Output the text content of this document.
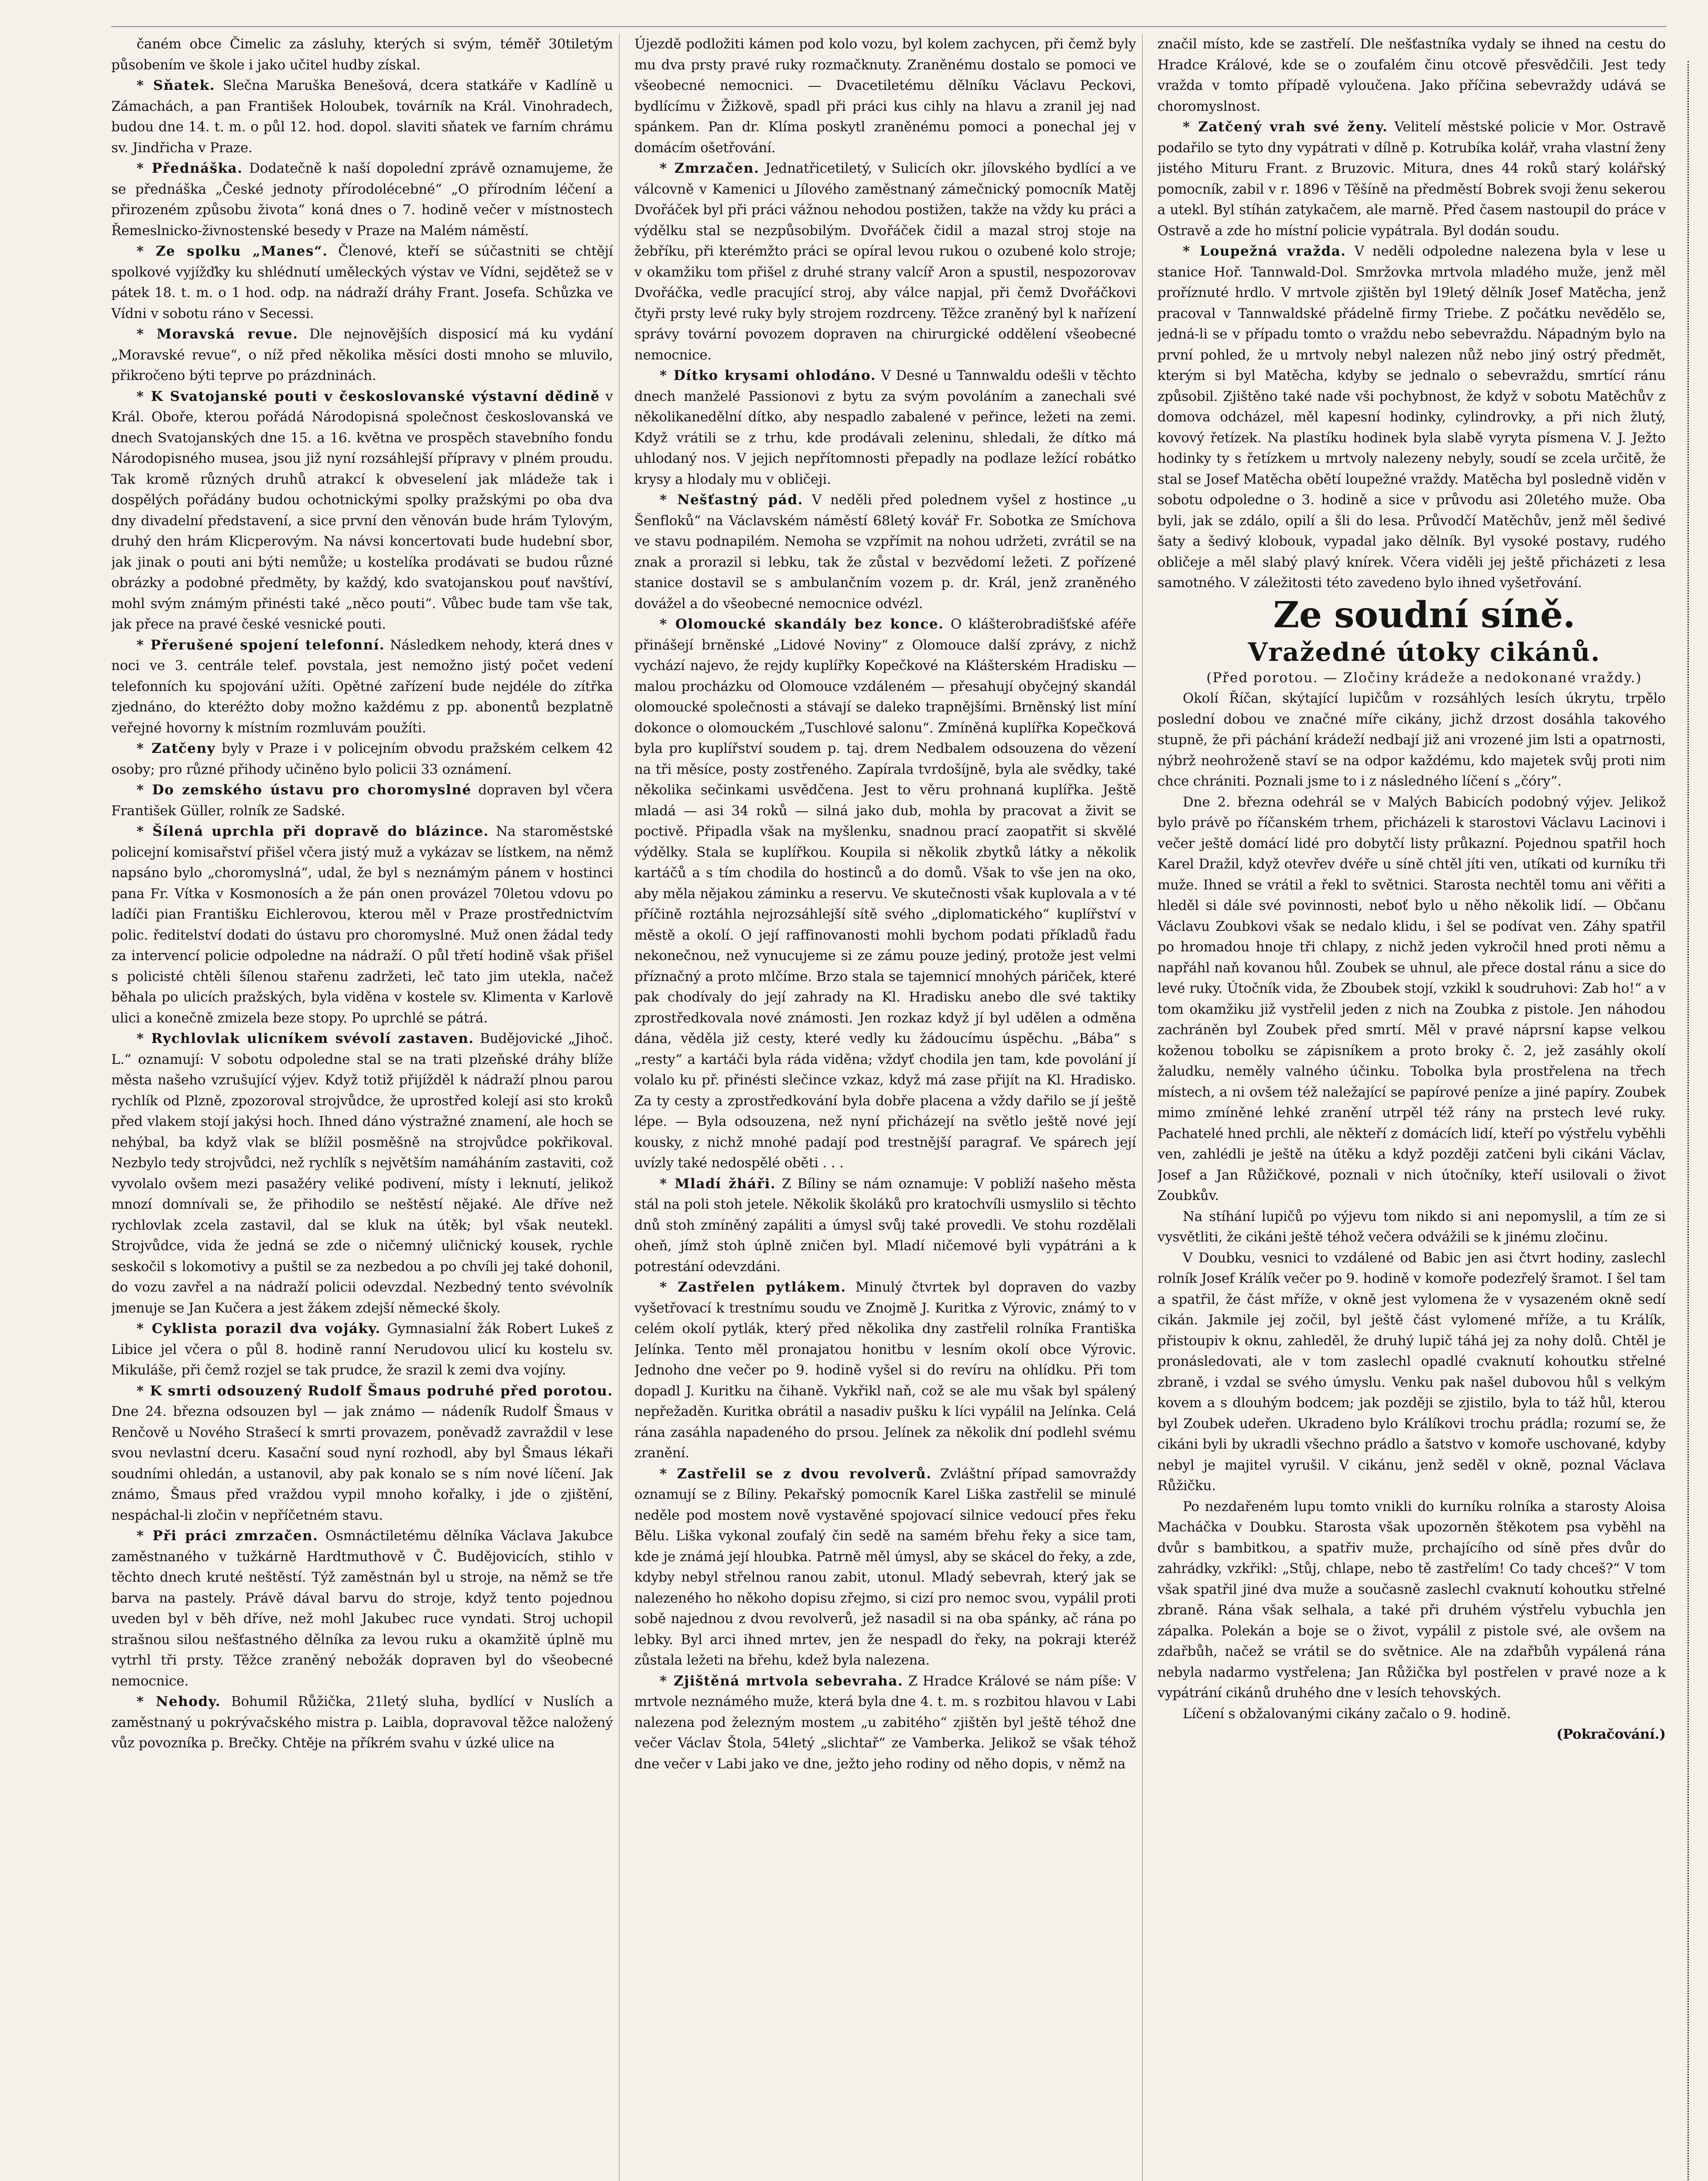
čaném obce Čimelic za zásluhy, kterých si svým, téměř 30tiletým působením ve škole i jako učitel hudby získal.

* Sňatek. Slečna Maruška Benešová, dcera statkáře v Kadlíně u Zámachách, a pan František Holoubek, továrník na Král. Vinohradech, budou dne 14. t. m. o půl 12. hod. dopol. slaviti sňatek ve farním chrámu sv. Jindřicha v Praze.

* Přednáška. Dodatečně k naší dopolední zprávě oznamujeme, že se přednáška „České jednoty přírodolécebné“ „O přírodním léčení a přirozeném způsobu života“ koná dnes o 7. hodině večer v místnostech Řemeslnicko-živnostenské besedy v Praze na Malém náměstí.

* Ze spolku „Manes“. Členové, kteří se súčastniti se chtějí spolkové vyjížďky ku shlédnutí uměleckých výstav ve Vídni, sejdětež se v pátek 18. t. m. o 1 hod. odp. na nádraží dráhy Frant. Josefa. Schůzka ve Vídni v sobotu ráno v Secessi.

* Moravská revue. Dle nejnovějších disposicí má ku vydání „Moravské revue“, o níž před několika měsíci dosti mnoho se mluvilo, přikročeno býti teprve po prázdninách.

* K Svatojanské pouti v českoslovanské výstavní dědině v Král. Oboře, kterou pořádá Národopisná společnost českoslovanská ve dnech Svatojanských dne 15. a 16. května ve prospěch stavebního fondu Národopisného musea, jsou již nyní rozsáhlejší přípravy v plném proudu. Tak kromě různých druhů atrakcí k obveselení jak mládeže tak i dospělých pořádány budou ochotnickými spolky pražskými po oba dva dny divadelní představení, a sice první den věnován bude hrám Tylovým, druhý den hrám Klicperovým. Na návsi koncertovati bude hudební sbor, jak jinak o pouti ani býti nemůže; u kostelíka prodávati se budou různé obrázky a podobné předměty, by každý, kdo svatojanskou pouť navštíví, mohl svým známým přinésti také „něco pouti“. Vůbec bude tam vše tak, jak přece na pravé české vesnické pouti.

* Přerušené spojení telefonní. Následkem nehody, která dnes v noci ve 3. centrále telef. povstala, jest nemožno jistý počet vedení telefonních ku spojování užíti. Opětné zařízení bude nejdéle do zítřka zjednáno, do kteréžto doby možno každému z pp. abonentů bezplatně veřejné hovorny k místním rozmluvám použíti.

* Zatčeny byly v Praze i v policejním obvodu pražském celkem 42 osoby; pro různé přihody učiněno bylo policii 33 oznámení.

* Do zemského ústavu pro choromyslné dopraven byl včera František Güller, rolník ze Sadské.

* Šílená uprchla při dopravě do blázince. Na staroměstské policejní komisařství přišel včera jistý muž a vykázav se lístkem, na němž napsáno bylo „choromyslná“, udal, že byl s neznámým pánem v hostinci pana Fr. Vítka v Kosmonosích a že pán onen provázel 70letou vdovu po ladíči pian Františku Eichlerovou, kterou měl v Praze prostřednictvím polic. ředitelství dodati do ústavu pro choromyslné. Muž onen žádal tedy za intervencí policie odpoledne na nádraží. O půl třetí hodině však přišel s policisté chtěli šílenou stařenu zadržeti, leč tato jim utekla, načež běhala po ulicích pražských, byla viděna v kostele sv. Klimenta v Karlově ulici a konečně zmizela beze stopy. Po uprchlé se pátrá.

* Rychlovlak ulicníkem svévolí zastaven. Budějovické „Jihoč. L.“ oznamují: V sobotu odpoledne stal se na trati plzeňské dráhy blíže města našeho vzrušující výjev. Když totiž přijížděl k nádraží plnou parou rychlík od Plzně, zpozoroval strojvůdce, že uprostřed kolejí asi sto kroků před vlakem stojí jakýsi hoch. Ihned dáno výstražné znamení, ale hoch se nehýbal, ba když vlak se blížil posměšně na strojvůdce pokřikoval. Nezbylo tedy strojvůdci, než rychlík s největším namáháním zastaviti, což vyvolalo ovšem mezi pasažéry veliké podivení, místy i leknutí, jelikož mnozí domnívali se, že přihodilo se neštěstí nějaké. Ale dříve než rychlovlak zcela zastavil, dal se kluk na útěk; byl však neutekl. Strojvůdce, vida že jedná se zde o ničemný uličnický kousek, rychle seskočil s lokomotivy a puštil se za nezbedou a po chvíli jej také dohonil, do vozu zavřel a na nádraží policii odevzdal. Nezbedný tento svévolník jmenuje se Jan Kučera a jest žákem zdejší německé školy.

* Cyklista porazil dva vojáky. Gymnasialní žák Robert Lukeš z Libice jel včera o půl 8. hodině ranní Nerudovou ulicí ku kostelu sv. Mikuláše, při čemž rozjel se tak prudce, že srazil k zemi dva vojíny.

* K smrti odsouzený Rudolf Šmaus podruhé před porotou. Dne 24. března odsouzen byl — jak známo — nádeník Rudolf Šmaus v Renčově u Nového Strašecí k smrti provazem, poněvadž zavraždil v lese svou nevlastní dceru. Kasační soud nyní rozhodl, aby byl Šmaus lékaři soudními ohledán, a ustanovil, aby pak konalo se s ním nové líčení. Jak známo, Šmaus před vraždou vypil mnoho kořalky, i jde o zjištění, nespáchal-li zločin v nepříčetném stavu.

* Při práci zmrzačen. Osmnáctiletému dělníka Václava Jakubce zaměstnaného v tužkárně Hardtmuthově v Č. Budějovicích, stihlo v těchto dnech kruté neštěstí. Týž zaměstnán byl u stroje, na němž se tře barva na pastely. Právě dával barvu do stroje, když tento pojednou uveden byl v běh dříve, než mohl Jakubec ruce vyndati. Stroj uchopil strašnou silou nešťastného dělníka za levou ruku a okamžitě úplně mu vytrhl tři prsty. Těžce zraněný nebožák dopraven byl do všeobecné nemocnice.

* Nehody. Bohumil Růžička, 21letý sluha, bydlící v Nuslích a zaměstnaný u pokrývačského mistra p. Laibla, dopravoval těžce naložený vůz povozníka p. Brečky. Chtěje na příkrém svahu v úzké ulice na

Újezdě podložiti kámen pod kolo vozu, byl kolem zachycen, při čemž byly mu dva prsty pravé ruky rozmačknuty. Zraněnému dostalo se pomoci ve všeobecné nemocnici. — Dvacetiletému dělníku Václavu Peckovi, bydlícímu v Žižkově, spadl při práci kus cihly na hlavu a zranil jej nad spánkem. Pan dr. Klíma poskytl zraněnému pomoci a ponechal jej v domácím ošetřování.

* Zmrzačen. Jednatřicetiletý, v Sulicích okr. jílovského bydlící a ve válcovně v Kamenici u Jílového zaměstnaný zámečnický pomocník Matěj Dvořáček byl při práci vážnou nehodou postižen, takže na vždy ku práci a výdělku stal se nezpůsobilým. Dvořáček čidil a mazal stroj stoje na žebříku, při kterémžto práci se opíral levou rukou o ozubené kolo stroje; v okamžiku tom přišel z druhé strany valcíř Aron a spustil, nespozorovav Dvořáčka, vedle pracující stroj, aby válce napjal, při čemž Dvořáčkovi čtyři prsty levé ruky byly strojem rozdrceny. Těžce zraněný byl k nařízení správy tovární povozem dopraven na chirurgické oddělení všeobecné nemocnice.

* Dítko krysami ohlodáno. V Desné u Tannwaldu odešli v těchto dnech manželé Passionovi z bytu za svým povoláním a zanechali své několikanedělní dítko, aby nespadlo zabalené v peřince, ležeti na zemi. Když vrátili se z trhu, kde prodávali zeleninu, shledali, že dítko má uhlodaný nos. V jejich nepřítomnosti přepadly na podlaze ležící robátko krysy a hlodaly mu v obličeji.

* Nešťastný pád. V neděli před polednem vyšel z hostince „u Šenfloků“ na Václavském náměstí 68letý kovář Fr. Sobotka ze Smíchova ve stavu podnapilém. Nemoha se vzpřímit na nohou udržeti, zvrátil se na znak a prorazil si lebku, tak že zůstal v bezvědomí ležeti. Z pořízené stanice dostavil se s ambulančním vozem p. dr. Král, jenž zraněného dovážel a do všeobecné nemocnice odvézl.

* Olomoucké skandály bez konce. O klášterobradišťské aféře přinášejí brněnské „Lidové Noviny“ z Olomouce další zprávy, z nichž vychází najevo, že rejdy kuplířky Kopečkové na Klášterském Hradisku — malou procházku od Olomouce vzdáleném — přesahují obyčejný skandál olomoucké společnosti a stávají se daleko trapnějšími. Brněnský list míní dokonce o olomouckém „Tuschlové salonu“. Zmíněná kuplířka Kopečková byla pro kuplířství soudem p. taj. drem Nedbalem odsouzena do vězení na tři měsíce, posty zostřeného. Zapírala tvrdošíjně, byla ale svědky, také několika sečinkami usvědčena. Jest to věru prohnaná kuplířka. Ještě mladá — asi 34 roků — silná jako dub, mohla by pracovat a živit se poctivě. Připadla však na myšlenku, snadnou prací zaopatřit si skvělé výdělky. Stala se kuplířkou. Koupila si několik zbytků látky a několik kartáčů a s tím chodila do hostinců a do domů. Však to vše jen na oko, aby měla nějakou záminku a reservu. Ve skutečnosti však kuplovala a v té příčině roztáhla nejrozsáhlejší sítě svého „diplomatického“ kuplířství v městě a okolí. O její raffinovanosti mohli bychom podati příkladů řadu nekonečnou, než vynucujeme si ze zámu pouze jediný, protože jest velmi příznačný a proto mlčíme. Brzo stala se tajemnicí mnohých páriček, které pak chodívaly do její zahrady na Kl. Hradisku anebo dle své taktiky zprostředkovala nové známosti. Jen rozkaz když jí byl udělen a odměna dána, věděla již cesty, které vedly ku žádoucímu úspěchu. „Bába“ s „resty“ a kartáči byla ráda viděna; vždyť chodila jen tam, kde povolání jí volalo ku př. přinésti slečince vzkaz, když má zase přijít na Kl. Hradisko. Za ty cesty a zprostředkování byla dobře placena a vždy dařilo se jí ještě lépe. — Byla odsouzena, než nyní přicházejí na světlo ještě nové její kousky, z nichž mnohé padají pod trestnější paragraf. Ve spárech její uvízly také nedospělé oběti . . .

* Mladí žháři. Z Bíliny se nám oznamuje: V pobliží našeho města stál na poli stoh jetele. Několik školáků pro kratochvíli usmyslilo si těchto dnů stoh zmíněný zapáliti a úmysl svůj také provedli. Ve stohu rozdělali oheň, jímž stoh úplně zničen byl. Mladí ničemové byli vypátráni a k potrestání odevzdáni.

* Zastřelen pytlákem. Minulý čtvrtek byl dopraven do vazby vyšetřovací k trestnímu soudu ve Znojmě J. Kuritka z Výrovic, známý to v celém okolí pytlák, který před několika dny zastřelil rolníka Františka Jelínka. Tento měl pronajatou honitbu v lesním okolí obce Výrovic. Jednoho dne večer po 9. hodině vyšel si do revíru na ohlídku. Při tom dopadl J. Kuritku na čihaně. Vykřikl naň, což se ale mu však byl spálený nepřežaděn. Kuritka obrátil a nasadiv pušku k líci vypálil na Jelínka. Celá rána zasáhla napadeného do prsou. Jelínek za několik dní podlehl svému zranění.

* Zastřelil se z dvou revolverů. Zvláštní případ samovraždy oznamují se z Bíliny. Pekařský pomocník Karel Liška zastřelil se minulé neděle pod mostem nově vystavěné spojovací silnice vedoucí přes řeku Bělu. Liška vykonal zoufalý čin sedě na samém břehu řeky a sice tam, kde je známá její hloubka. Patrně měl úmysl, aby se skácel do řeky, a zde, kdyby nebyl střelnou ranou zabit, utonul. Mladý sebevrah, který jak se nalezeného ho někoho dopisu zřejmo, si cizí pro nemoc svou, vypálil proti sobě najednou z dvou revolverů, jež nasadil si na oba spánky, ač rána po lebky. Byl arci ihned mrtev, jen že nespadl do řeky, na pokraji kteréž zůstala ležeti na břehu, kdež byla nalezena.

* Zjištěná mrtvola sebevraha. Z Hradce Králové se nám píše: V mrtvole neznámého muže, která byla dne 4. t. m. s rozbitou hlavou v Labi nalezena pod železným mostem „u zabitého“ zjištěn byl ještě téhož dne večer Václav Štola, 54letý „slichtař“ ze Vamberka. Jelikož se však téhož dne večer v Labi jako ve dne, ježto jeho rodiny od něho dopis, v němž na

značil místo, kde se zastřelí. Dle nešťastníka vydaly se ihned na cestu do Hradce Králové, kde se o zoufalém činu otcově přesvědčili. Jest tedy vražda v tomto případě vyloučena. Jako příčina sebevraždy udává se choromyslnost.

* Zatčený vrah své ženy. Velitelí městské policie v Mor. Ostravě podařilo se tyto dny vypátrati v dílně p. Kotrubíka kolář, vraha vlastní ženy jistého Mituru Frant. z Bruzovic. Mitura, dnes 44 roků starý kolářský pomocník, zabil v r. 1896 v Těšíně na předměstí Bobrek svoji ženu sekerou a utekl. Byl stíhán zatykačem, ale marně. Před časem nastoupil do práce v Ostravě a zde ho místní policie vypátrala. Byl dodán soudu.

* Loupežná vražda. V neděli odpoledne nalezena byla v lese u stanice Hoř. Tannwald-Dol. Smržovka mrtvola mladého muže, jenž měl proříznuté hrdlo. V mrtvole zjištěn byl 19letý dělník Josef Matěcha, jenž pracoval v Tannwaldské přádelně firmy Triebe. Z počátku nevědělo se, jedná-li se v případu tomto o vraždu nebo sebevraždu. Nápadným bylo na první pohled, že u mrtvoly nebyl nalezen nůž nebo jiný ostrý předmět, kterým si byl Matěcha, kdyby se jednalo o sebevraždu, smrtící ránu způsobil. Zjištěno také nade vši pochybnost, že když v sobotu Matěchův z domova odcházel, měl kapesní hodinky, cylindrovky, a při nich žlutý, kovový řetízek. Na plastíku hodinek byla slabě vyryta písmena V. J. Ježto hodinky ty s řetízkem u mrtvoly nalezeny nebyly, soudí se zcela určitě, že stal se Josef Matěcha obětí loupežné vraždy. Matěcha byl posledně viděn v sobotu odpoledne o 3. hodině a sice v průvodu asi 20letého muže. Oba byli, jak se zdálo, opilí a šli do lesa. Průvodčí Matěchův, jenž měl šedivé šaty a šedivý klobouk, vypadal jako dělník. Byl vysoké postavy, rudého obličeje a měl slabý plavý knírek. Včera viděli jej ještě přicházeti z lesa samotného. V záležitosti této zavedeno bylo ihned vyšetřování.

Ze soudní síně.

Vražedné útoky cikánů.

(Před porotou. — Zločiny krádeže a nedokonané vraždy.)

Okolí Říčan, skýtající lupičům v rozsáhlých lesích úkrytu, trpělo poslední dobou ve značné míře cikány, jichž drzost dosáhla takového stupně, že při páchání krádeží nedbají již ani vrozené jim lsti a opatrnosti, nýbrž neohroženě staví se na odpor každému, kdo majetek svůj proti nim chce chrániti. Poznali jsme to i z následného líčení s „čóry“.

Dne 2. března odehrál se v Malých Babicích podobný výjev. Jelikož bylo právě po říčanském trhem, přicházeli k starostovi Václavu Lacinovi i večer ještě domácí lidé pro dobytčí listy průkazní. Pojednou spatřil hoch Karel Dražil, když otevřev dvéře u síně chtěl jíti ven, utíkati od kurníku tři muže. Ihned se vrátil a řekl to světnici. Starosta nechtěl tomu ani věřiti a hleděl si dále své povinnosti, neboť bylo u něho několik lidí. — Občanu Václavu Zoubkovi však se nedalo klidu, i šel se podívat ven. Záhy spatřil po hromadou hnoje tři chlapy, z nichž jeden vykročil hned proti němu a napřáhl naň kovanou hůl. Zoubek se uhnul, ale přece dostal ránu a sice do levé ruky. Útočník vida, že Zboubek stojí, vzkikl k soudruhovi: Zab ho!“ a v tom okamžiku již vystřelil jeden z nich na Zoubka z pistole. Jen náhodou zachráněn byl Zoubek před smrtí. Měl v pravé náprsní kapse velkou koženou tobolku se zápisníkem a proto broky č. 2, jež zasáhly okolí žaludku, neměly valného účinku. Tobolka byla prostřelena na třech místech, a ni ovšem též naležající se papírové peníze a jiné papíry. Zoubek mimo zmíněné lehké zranění utrpěl též rány na prstech levé ruky. Pachatelé hned prchli, ale někteří z domácích lidí, kteří po výstřelu vyběhli ven, zahlédli je ještě na útěku a když později zatčeni byli cikáni Václav, Josef a Jan Růžičkové, poznali v nich útočníky, kteří usilovali o život Zoubkův.

Na stíhání lupičů po výjevu tom nikdo si ani nepomyslil, a tím ze si vysvětliti, že cikáni ještě téhož večera odvážili se k jinému zločinu.

V Doubku, vesnici to vzdálené od Babic jen asi čtvrt hodiny, zaslechl rolník Josef Králík večer po 9. hodině v komoře podezřelý šramot. I šel tam a spatřil, že část mříže, v okně jest vylomena že v vysazeném okně sedí cikán. Jakmile jej zočil, byl ještě část vylomené mříže, a tu Králík, přistoupiv k oknu, zahleděl, že druhý lupič táhá jej za nohy dolů. Chtěl je pronásledovati, ale v tom zaslechl opadlé cvaknutí kohoutku střelné zbraně, i vzdal se svého úmyslu. Venku pak našel dubovou hůl s velkým kovem a s dlouhým bodcem; jak později se zjistilo, byla to táž hůl, kterou byl Zoubek udeřen. Ukradeno bylo Králíkovi trochu prádla; rozumí se, že cikáni byli by ukradli všechno prádlo a šatstvo v komoře uschované, kdyby nebyl je majitel vyrušil. V cikánu, jenž seděl v okně, poznal Václava Růžičku.

Po nezdařeném lupu tomto vnikli do kurníku rolníka a starosty Aloisa Macháčka v Doubku. Starosta však upozorněn štěkotem psa vyběhl na dvůr s bambitkou, a spatřiv muže, prchajícího od síně přes dvůr do zahrádky, vzkřikl: „Stůj, chlape, nebo tě zastřelím! Co tady chceš?“ V tom však spatřil jiné dva muže a současně zaslechl cvaknutí kohoutku střelné zbraně. Rána však selhala, a také při druhém výstřelu vybuchla jen zápalka. Polekán a boje se o život, vypálil z pistole své, ale ovšem na zdařbůh, načež se vrátil se do světnice. Ale na zdařbůh vypálená rána nebyla nadarmo vystřelena; Jan Růžička byl postřelen v pravé noze a k vypátrání cikánů druhého dne v lesích tehovských.

Líčení s obžalovanými cikány začalo o 9. hodině.

(Pokračování.)
